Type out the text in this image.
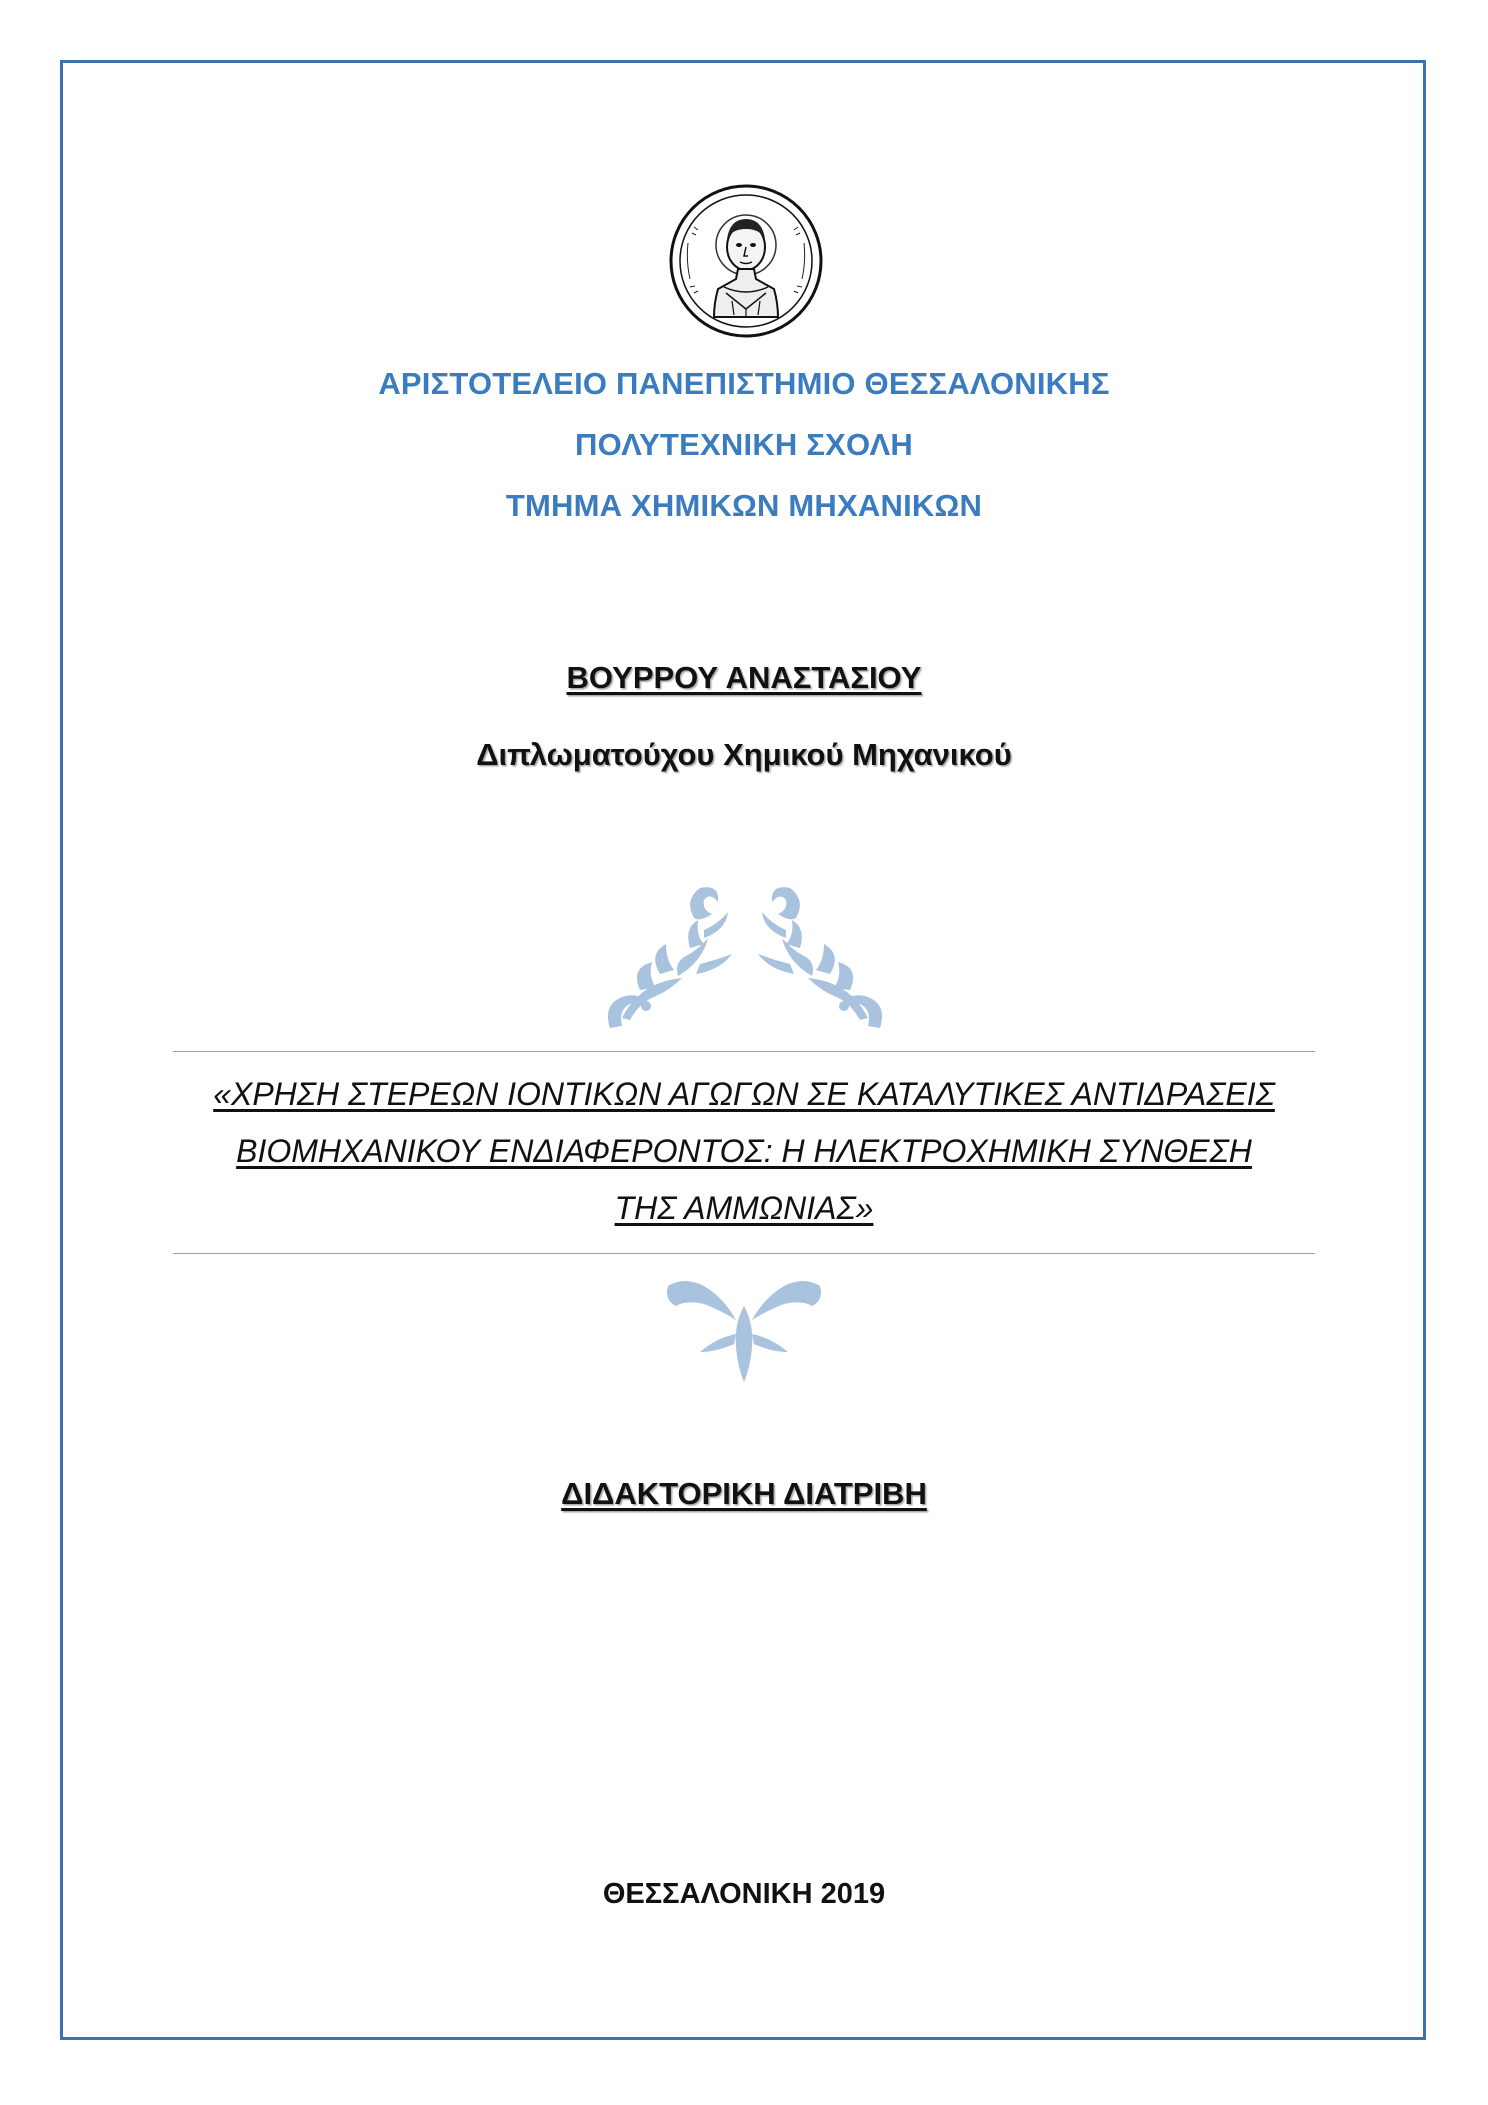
ΑΡΙΣΤΟΤΕΛΕΙΟ ΠΑΝΕΠΙΣΤΗΜΙΟ ΘΕΣΣΑΛΟΝΙΚΗΣ
ΠΟΛΥΤΕΧΝΙΚΗ ΣΧΟΛΗ
ΤΜΗΜΑ ΧΗΜΙΚΩΝ ΜΗΧΑΝΙΚΩΝ
ΒΟΥΡΡΟΥ ΑΝΑΣΤΑΣΙΟΥ
Διπλωματούχου Χημικού Μηχανικού
«ΧΡΗΣΗ ΣΤΕΡΕΩΝ ΙΟΝΤΙΚΩΝ ΑΓΩΓΩΝ ΣΕ ΚΑΤΑΛΥΤΙΚΕΣ ΑΝΤΙΔΡΑΣΕΙΣ
ΒΙΟΜΗΧΑΝΙΚΟΥ ΕΝΔΙΑΦΕΡΟΝΤΟΣ: Η ΗΛΕΚΤΡΟΧΗΜΙΚΗ ΣΥΝΘΕΣΗ
ΤΗΣ ΑΜΜΩΝΙΑΣ»
ΔΙΔΑΚΤΟΡΙΚΗ ΔΙΑΤΡΙΒΗ
ΘΕΣΣΑΛΟΝΙΚΗ 2019
